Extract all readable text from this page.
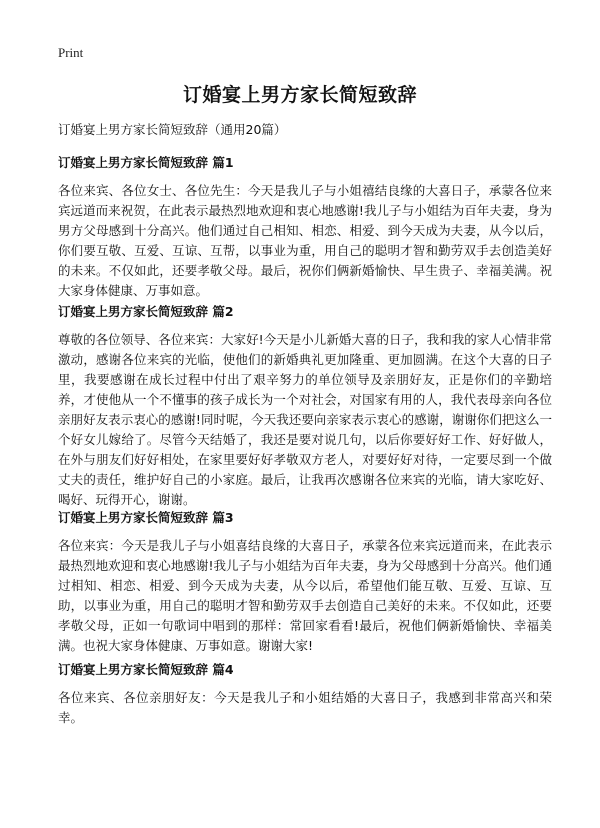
Print
订婚宴上男方家长简短致辞
订婚宴上男方家长简短致辞（通用20篇）
订婚宴上男方家长简短致辞 篇1

各位来宾、各位女士、各位先生：今天是我儿子与小姐禧结良缘的大喜日子，承蒙各位来宾远道而来祝贺，在此表示最热烈地欢迎和衷心地感谢!我儿子与小姐结为百年夫妻，身为男方父母感到十分高兴。他们通过自己相知、相恋、相爱、到今天成为夫妻，从今以后，你们要互敬、互爱、互谅、互帮，以事业为重，用自己的聪明才智和勤劳双手去创造美好的未来。不仅如此，还要孝敬父母。最后，祝你们俩新婚愉快、早生贵子、幸福美满。祝大家身体健康、万事如意。

订婚宴上男方家长简短致辞 篇2

尊敬的各位领导、各位来宾：大家好!今天是小儿新婚大喜的日子，我和我的家人心情非常激动，感谢各位来宾的光临，使他们的新婚典礼更加隆重、更加圆满。在这个大喜的日子里，我要感谢在成长过程中付出了艰辛努力的单位领导及亲朋好友，正是你们的辛勤培养，才使他从一个不懂事的孩子成长为一个对社会，对国家有用的人，我代表母亲向各位亲朋好友表示衷心的感谢!同时呢，今天我还要向亲家表示衷心的感谢，谢谢你们把这么一个好女儿嫁给了。尽管今天结婚了，我还是要对说几句，以后你要好好工作、好好做人，在外与朋友们好好相处，在家里要好好孝敬双方老人，对要好好对待，一定要尽到一个做丈夫的责任，维护好自己的小家庭。最后，让我再次感谢各位来宾的光临，请大家吃好、喝好、玩得开心，谢谢。

订婚宴上男方家长简短致辞 篇3

各位来宾：今天是我儿子与小姐喜结良缘的大喜日子，承蒙各位来宾远道而来，在此表示最热烈地欢迎和衷心地感谢!我儿子与小姐结为百年夫妻，身为父母感到十分高兴。他们通过相知、相恋、相爱、到今天成为夫妻，从今以后，希望他们能互敬、互爱、互谅、互助，以事业为重，用自己的聪明才智和勤劳双手去创造自己美好的未来。不仅如此，还要孝敬父母，正如一句歌词中唱到的那样：常回家看看!最后，祝他们俩新婚愉快、幸福美满。也祝大家身体健康、万事如意。谢谢大家!

订婚宴上男方家长简短致辞 篇4

各位来宾、各位亲朋好友：今天是我儿子和小姐结婚的大喜日子，我感到非常高兴和荣幸。
